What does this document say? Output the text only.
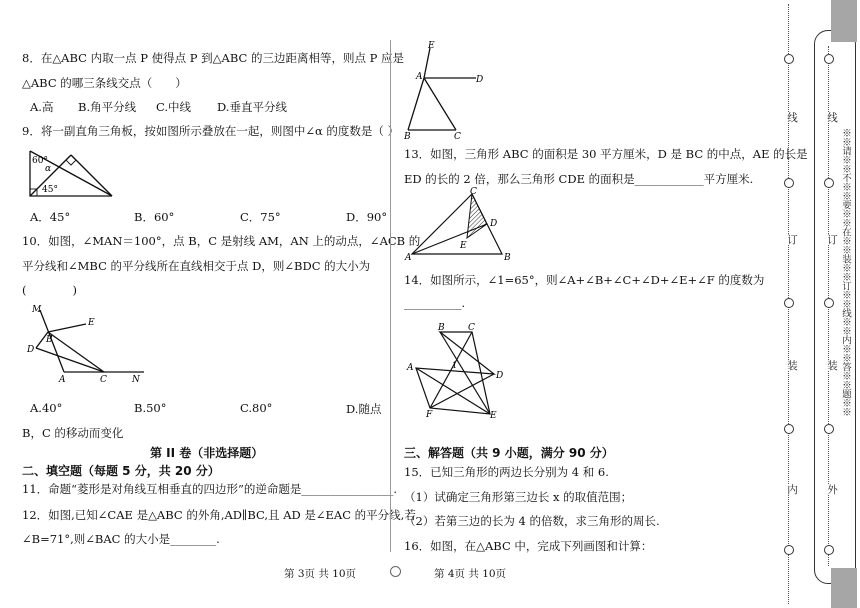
8．在△ABC 内取一点 P 使得点 P 到△ABC 的三边距离相等，则点 P 应是
△ABC 的哪三条线交点（　　）
A.高 B.角平分线 C.中线 D.垂直平分线
9．将一副直角三角板，按如图所示叠放在一起，则图中∠α 的度数是（ ）
60°
α
45°
A．45°	B．60°	C．75°	D．90°
10．如图，∠MAN＝100°，点 B，C 是射线 AM，AN 上的动点，∠ACB 的
平分线和∠MBC 的平分线所在直线相交于点 D，则∠BDC 的大小为
(　　　　)
M
E
B
D
A	C	N
A.40°	B.50°	C.80°	D.随点
B，C 的移动而变化
第 II 卷（非选择题）
二、填空题（每题 5 分，共 20 分）
11．命题“菱形是对角线互相垂直的四边形”的逆命题是________________.
12．如图,已知∠CAE 是△ABC 的外角,AD∥BC,且 AD 是∠EAC 的平分线,若
∠B=71°,则∠BAC 的大小是________.
第 3页 共 10页
E
A	D
B	C
13．如图，三角形 ABC 的面积是 30 平方厘米，D 是 BC 的中点，AE 的长是
ED 的长的 2 倍，那么三角形 CDE 的面积是____________平方厘米.
C
D
E
A	B
14．如图所示，∠1=65°，则∠A+∠B+∠C+∠D+∠E+∠F 的度数为
__________.
B	C
A	1
D
F	E
三、解答题（共 9 小题，满分 90 分）
15．已知三角形的两边长分别为 4 和 6.
（1）试确定三角形第三边长 x 的取值范围；
（2）若第三边的长为 4 的倍数，求三角形的周长.
16．如图，在△ABC 中，完成下列画图和计算：
第 4页 共 10页
线
订
装
内
线
订
装
外
※※请※※不※※要※※在※※装※※订※※线※※内※※答※※题※※
